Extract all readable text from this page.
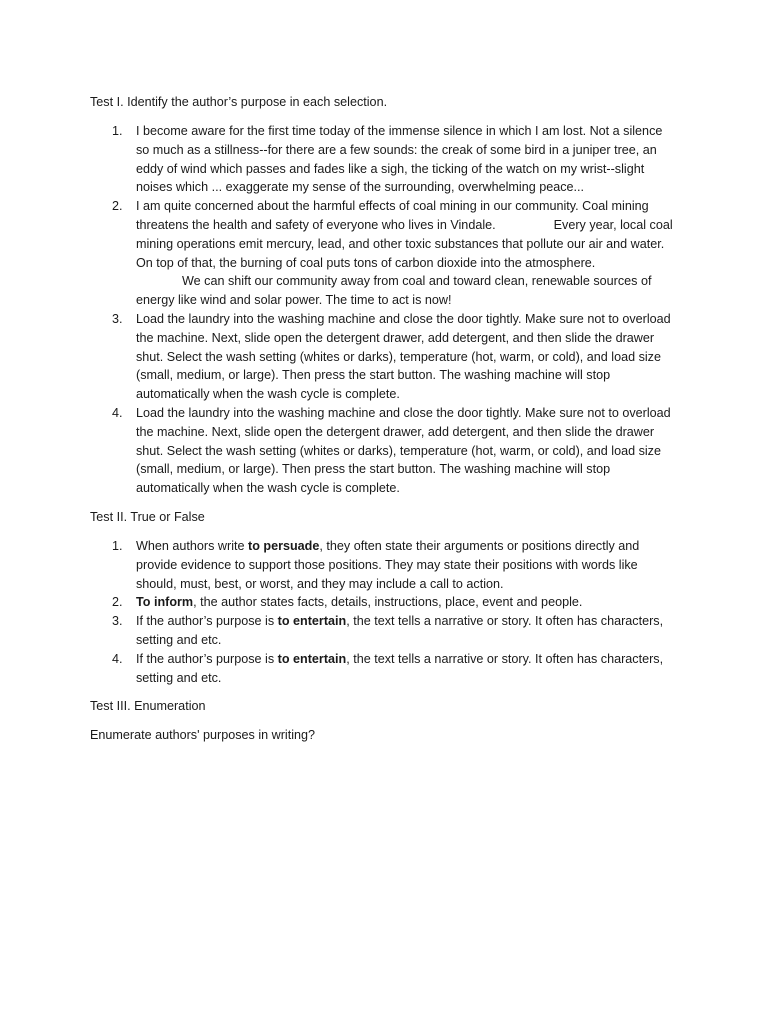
Test I. Identify the author’s purpose in each selection.

1. I become aware for the first time today of the immense silence in which I am lost. Not a silence
so much as a stillness--for there are a few sounds: the creak of some bird in a juniper tree, an
eddy of wind which passes and fades like a sigh, the ticking of the watch on my wrist--slight
noises which ... exaggerate my sense of the surrounding, overwhelming peace...
2. I am quite concerned about the harmful effects of coal mining in our community. Coal mining
threatens the health and safety of everyone who lives in Vindale.	Every year, local coal
mining operations emit mercury, lead, and other toxic substances that pollute our air and water.
On top of that, the burning of coal puts tons of carbon dioxide into the atmosphere.
We can shift our community away from coal and toward clean, renewable sources of
energy like wind and solar power. The time to act is now!
3. Load the laundry into the washing machine and close the door tightly. Make sure not to overload
the machine. Next, slide open the detergent drawer, add detergent, and then slide the drawer
shut. Select the wash setting (whites or darks), temperature (hot, warm, or cold), and load size
(small, medium, or large). Then press the start button. The washing machine will stop
automatically when the wash cycle is complete.
4. Load the laundry into the washing machine and close the door tightly. Make sure not to overload
the machine. Next, slide open the detergent drawer, add detergent, and then slide the drawer
shut. Select the wash setting (whites or darks), temperature (hot, warm, or cold), and load size
(small, medium, or large). Then press the start button. The washing machine will stop
automatically when the wash cycle is complete.

Test II. True or False

1. When authors write to persuade, they often state their arguments or positions directly and
provide evidence to support those positions. They may state their positions with words like
should, must, best, or worst, and they may include a call to action.
2. To inform, the author states facts, details, instructions, place, event and people.
3. If the author’s purpose is to entertain, the text tells a narrative or story. It often has characters,
setting and etc.
4. If the author’s purpose is to entertain, the text tells a narrative or story. It often has characters,
setting and etc.

Test III. Enumeration

Enumerate authors' purposes in writing?
